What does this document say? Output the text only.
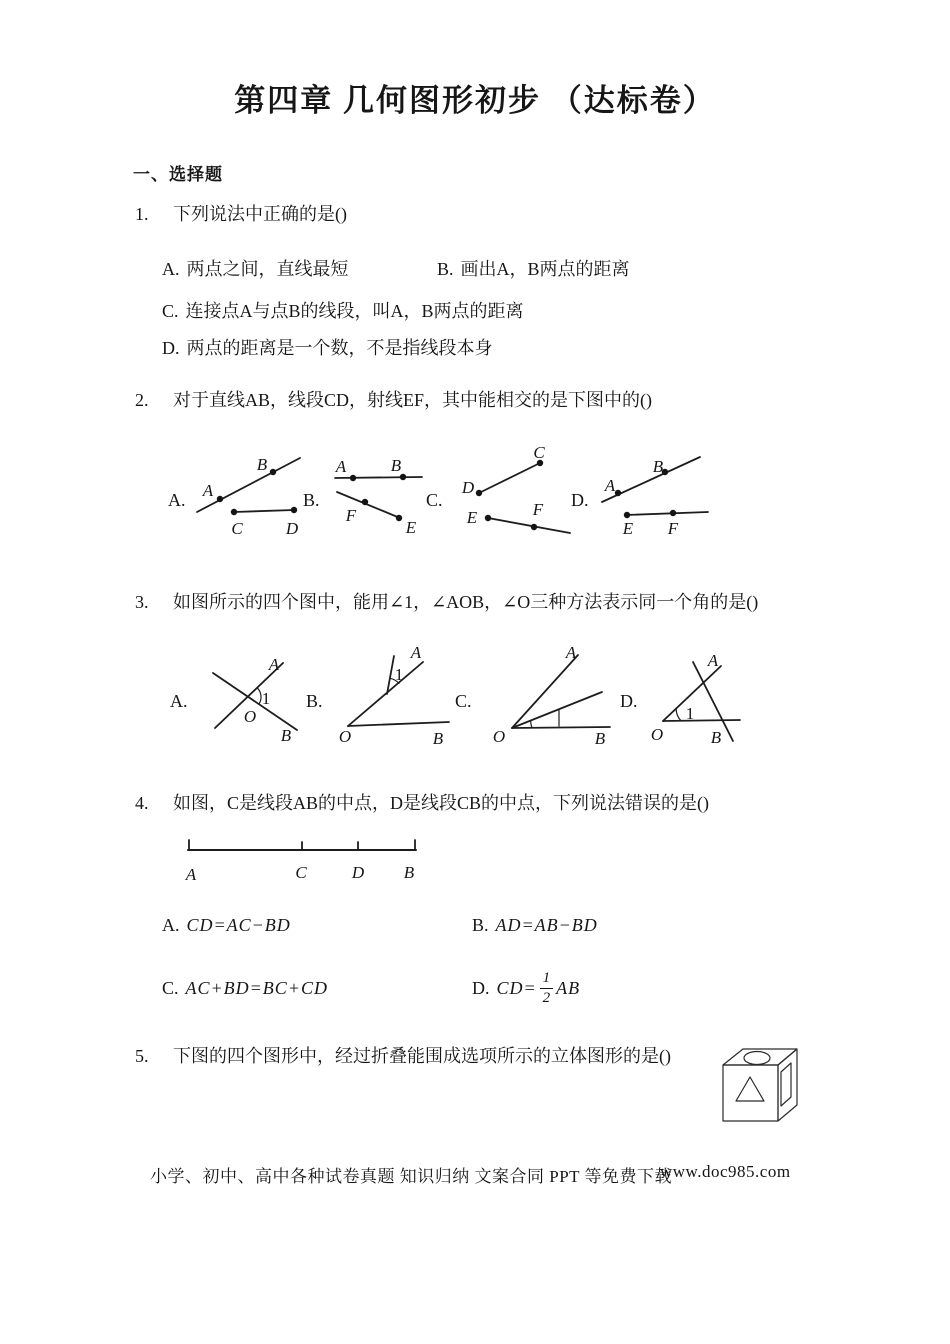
第四章 几何图形初步 （达标卷）
一、选择题
1. 下列说法中正确的是()
A. 两点之间，直线最短	B. 画出A，B两点的距离
C. 连接点A与点B的线段，叫A，B两点的距离
D. 两点的距离是一个数，不是指线段本身
2. 对于直线AB，线段CD，射线EF，其中能相交的是下图中的()
A.	B.	C.	D.
A
B
C	D
A	B
F
E
D
C
E	F
A
B
E F
3. 如图所示的四个图中，能用∠1，∠AOB，∠O三种方法表示同一个角的是()
A.	B.	C.	D.
1
O
A
B
1
A
B
O
A
B
O
1
A
B
O
4. 如图，C是线段AB的中点，D是线段CB的中点，下列说法错误的是()
A	C	D B
A. CD=AC−BD	B. AD=AB−BD
C. AC+BD=BC+CD	D. $CD= \frac{1}{2}$ AB
5. 下图的四个图形中，经过折叠能围成选项所示的立体图形的是()
小学、初中、高中各种试卷真题 知识归纳 文案合同 PPT 等免费下载
www.doc985.com
